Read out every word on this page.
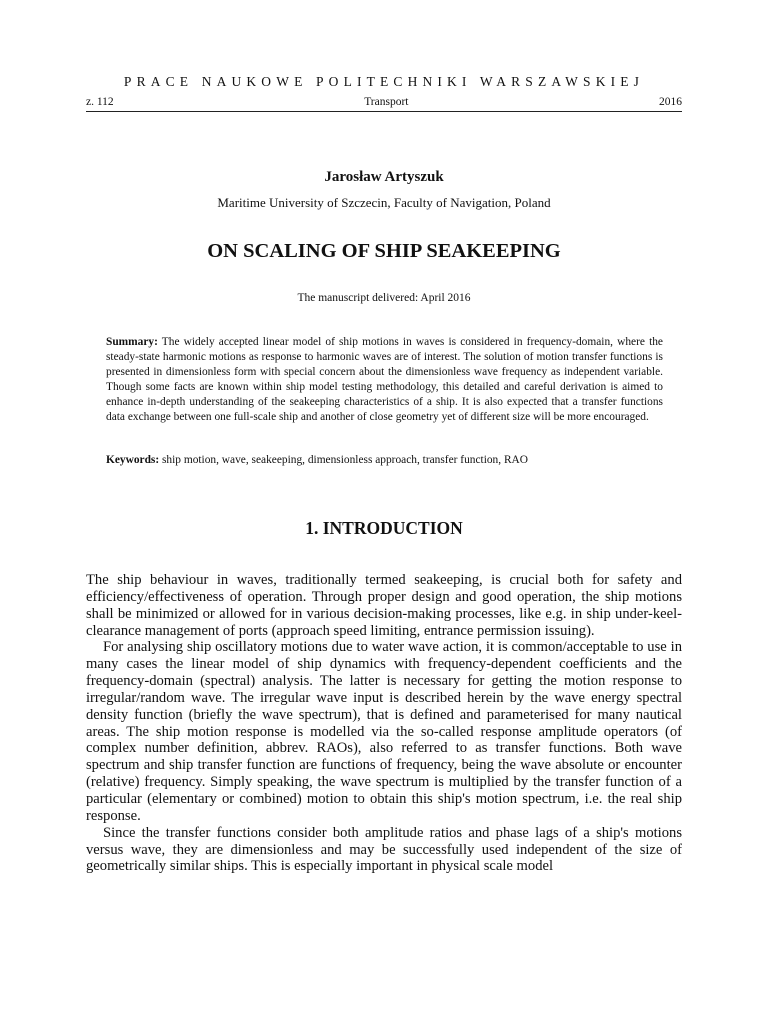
PRACE NAUKOWE POLITECHNIKI WARSZAWSKIEJ
z. 112	Transport	2016
Jarosław Artyszuk
Maritime University of Szczecin, Faculty of Navigation, Poland
ON SCALING OF SHIP SEAKEEPING
The manuscript delivered: April 2016

Summary: The widely accepted linear model of ship motions in waves is considered in frequency-domain, where the steady-state harmonic motions as response to harmonic waves are of interest. The solution of motion transfer functions is presented in dimensionless form with special concern about the dimensionless wave frequency as independent variable. Though some facts are known within ship model testing methodology, this detailed and careful derivation is aimed to enhance in-depth understanding of the seakeeping characteristics of a ship. It is also expected that a transfer functions data exchange between one full-scale ship and another of close geometry yet of different size will be more encouraged.

Keywords: ship motion, wave, seakeeping, dimensionless approach, transfer function, RAO

1. INTRODUCTION

The ship behaviour in waves, traditionally termed seakeeping, is crucial both for safety and efficiency/effectiveness of operation. Through proper design and good operation, the ship motions shall be minimized or allowed for in various decision-making processes, like e.g. in ship under-keel-clearance management of ports (approach speed limiting, entrance permission issuing).

For analysing ship oscillatory motions due to water wave action, it is common/acceptable to use in many cases the linear model of ship dynamics with frequency-dependent coefficients and the frequency-domain (spectral) analysis. The latter is necessary for getting the motion response to irregular/random wave. The irregular wave input is described herein by the wave energy spectral density function (briefly the wave spectrum), that is defined and parameterised for many nautical areas. The ship motion response is modelled via the so-called response amplitude operators (of complex number definition, abbrev. RAOs), also referred to as transfer functions. Both wave spectrum and ship transfer function are functions of frequency, being the wave absolute or encounter (relative) frequency. Simply speaking, the wave spectrum is multiplied by the transfer function of a particular (elementary or combined) motion to obtain this ship's motion spectrum, i.e. the real ship response.

Since the transfer functions consider both amplitude ratios and phase lags of a ship's motions versus wave, they are dimensionless and may be successfully used independent of the size of geometrically similar ships. This is especially important in physical scale model
